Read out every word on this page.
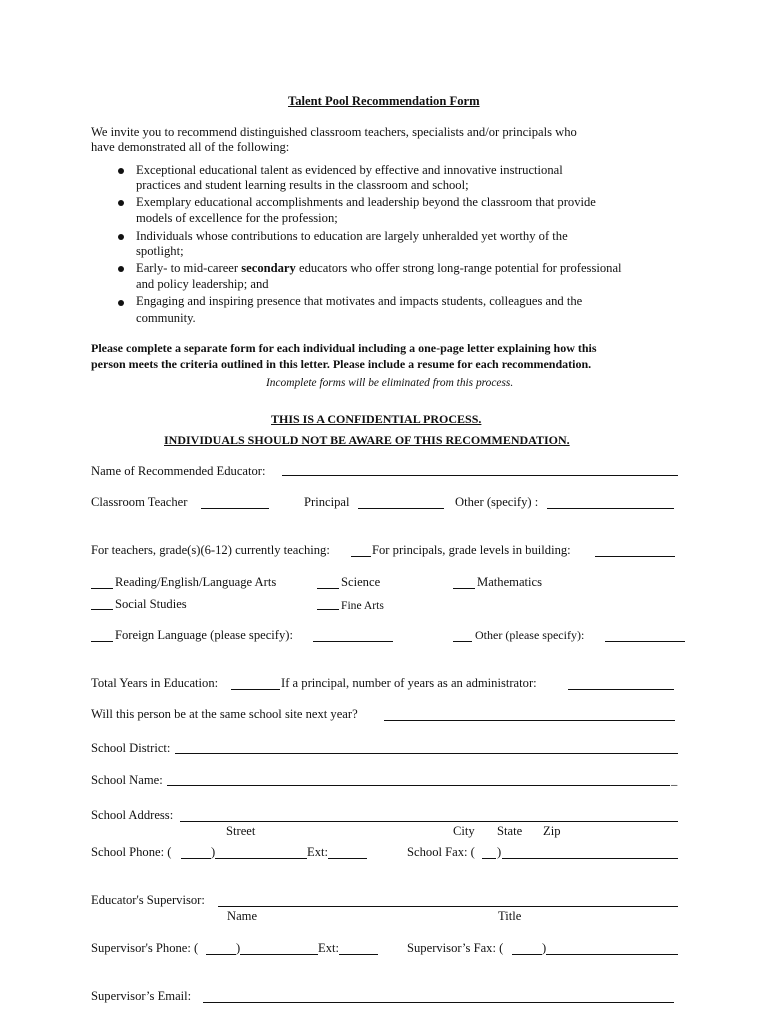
Talent Pool Recommendation Form
We invite you to recommend distinguished classroom teachers, specialists and/or principals who
have demonstrated all of the following:
Exceptional educational talent as evidenced by effective and innovative instructional
practices and student learning results in the classroom and school;
Exemplary educational accomplishments and leadership beyond the classroom that provide
models of excellence for the profession;
Individuals whose contributions to education are largely unheralded yet worthy of the
spotlight;
Early- to mid-career secondary educators who offer strong long-range potential for professional
and policy leadership; and
Engaging and inspiring presence that motivates and impacts students, colleagues and the
community.
Please complete a separate form for each individual including a one-page letter explaining how this
person meets the criteria outlined in this letter. Please include a resume for each recommendation.
Incomplete forms will be eliminated from this process.
THIS IS A CONFIDENTIAL PROCESS.
INDIVIDUALS SHOULD NOT BE AWARE OF THIS RECOMMENDATION.
Name of Recommended Educator:
Classroom Teacher	Principal	Other (specify) :
For teachers, grade(s)(6-12) currently teaching:	For principals, grade levels in building:
Reading/English/Language Arts	Science	Mathematics
Social Studies	Fine Arts
Foreign Language (please specify):	Other (please specify):
Total Years in Education:	If a principal, number of years as an administrator:
Will this person be at the same school site next year?
School District:
School Name:	_
School Address:
Street	City State Zip
School Phone: (	)	Ext:	School Fax: ( )
Educator's Supervisor:
Name	Title
Supervisor's Phone: (	)	Ext:	Supervisor’s Fax: (	)
Supervisor’s Email:
